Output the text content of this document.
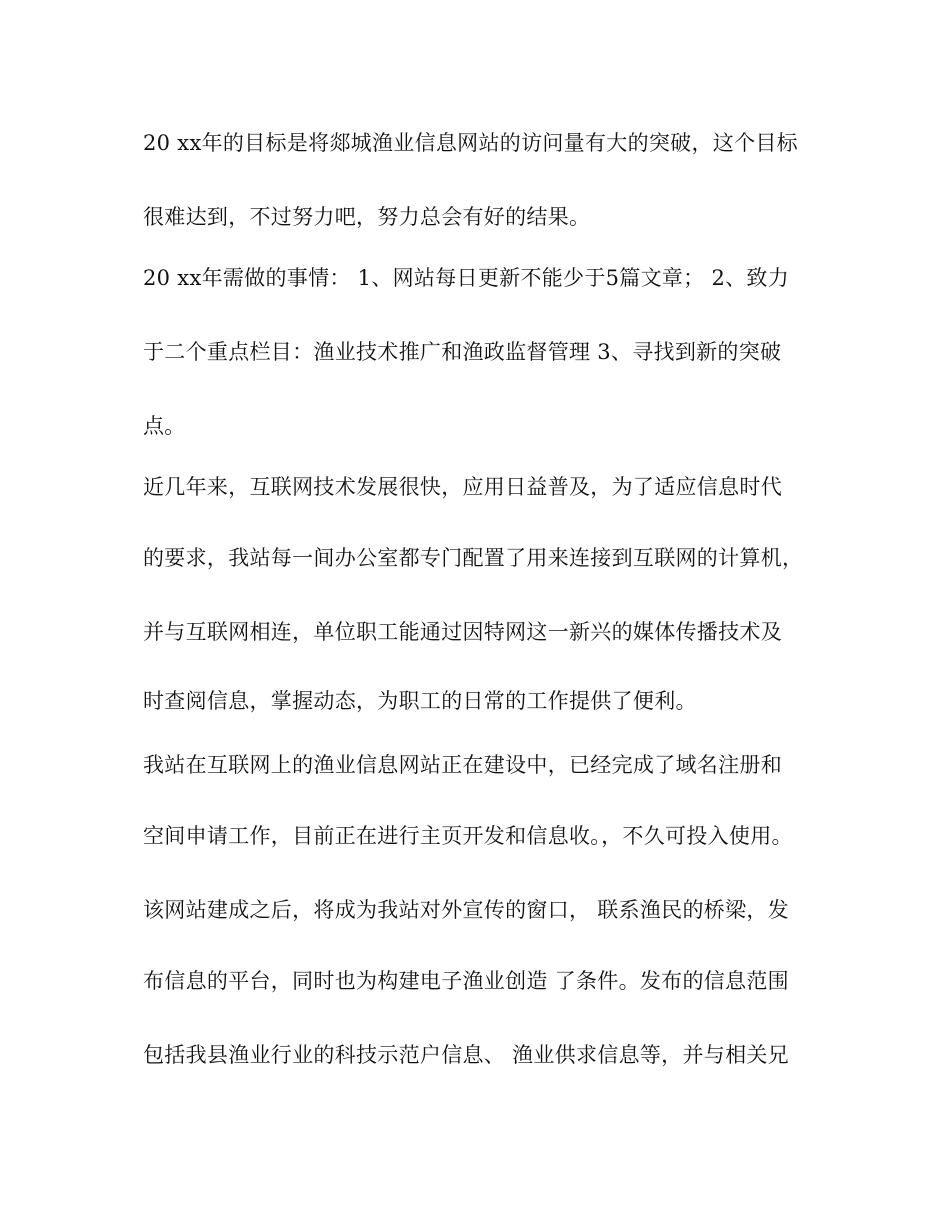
20 xx年的目标是将郯城渔业信息网站的访问量有大的突破，这个目标
很难达到，不过努力吧，努力总会有好的结果。
20 xx年需做的事情： 1、网站每日更新不能少于5篇文章； 2、致力
于二个重点栏目：渔业技术推广和渔政监督管理 3、寻找到新的突破
点。
近几年来，互联网技术发展很快，应用日益普及，为了适应信息时代
的要求，我站每一间办公室都专门配置了用来连接到互联网的计算机，
并与互联网相连，单位职工能通过因特网这一新兴的媒体传播技术及
时查阅信息，掌握动态，为职工的日常的工作提供了便利。
我站在互联网上的渔业信息网站正在建设中，已经完成了域名注册和
空间申请工作，目前正在进行主页开发和信息收。，不久可投入使用。
该网站建成之后，将成为我站对外宣传的窗口， 联系渔民的桥梁，发
布信息的平台，同时也为构建电子渔业创造 了条件。发布的信息范围
包括我县渔业行业的科技示范户信息、 渔业供求信息等，并与相关兄
